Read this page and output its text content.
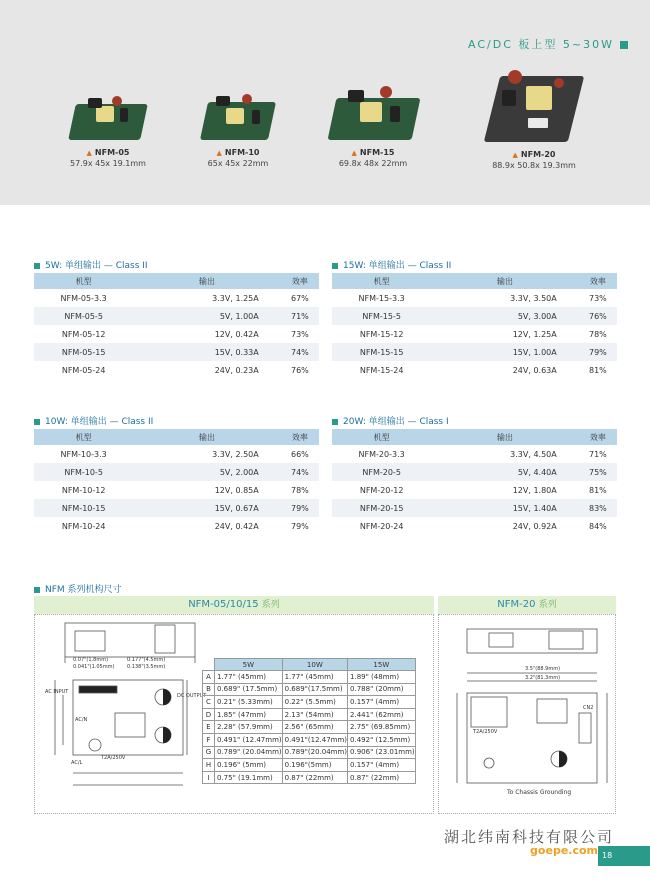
AC/DC 板上型 5~30W
▲ NFM-05
57.9x 45x 19.1mm
▲ NFM-10
65x 45x 22mm
▲ NFM-15
69.8x 48x 22mm
▲ NFM-20
88.9x 50.8x 19.3mm
5W: 单组输出 — Class II
机型	输出	效率
NFM-05-3.3	3.3V, 1.25A	67%
NFM-05-5	5V, 1.00A	71%
NFM-05-12	12V, 0.42A	73%
NFM-05-15	15V, 0.33A	74%
NFM-05-24	24V, 0.23A	76%
15W: 单组输出 — Class II
机型	输出	效率
NFM-15-3.3	3.3V, 3.50A	73%
NFM-15-5	5V, 3.00A	76%
NFM-15-12	12V, 1.25A	78%
NFM-15-15	15V, 1.00A	79%
NFM-15-24	24V, 0.63A	81%
10W: 单组输出 — Class II
机型	输出	效率
NFM-10-3.3	3.3V, 2.50A	66%
NFM-10-5	5V, 2.00A	74%
NFM-10-12	12V, 0.85A	78%
NFM-10-15	15V, 0.67A	79%
NFM-10-24	24V, 0.42A	79%
20W: 单组输出 — Class I
机型	输出	效率
NFM-20-3.3	3.3V, 4.50A	71%
NFM-20-5	5V, 4.40A	75%
NFM-20-12	12V, 1.80A	81%
NFM-20-15	15V, 1.40A	83%
NFM-20-24	24V, 0.92A	84%
NFM 系列机构尺寸
NFM-05/10/15 系列	NFM-20 系列
0.07"(1.8mm)
0.041"(1.05mm)
0.177"(4.5mm)
0.138"(3.5mm)
AC INPUT
DC OUTPUT
AC/N
AC/L
T2A/250V
	5W	10W	15W
A	1.77" (45mm)	1.77" (45mm)	1.89" (48mm)
B	0.689" (17.5mm)	0.689"(17.5mm)	0.788" (20mm)
C	0.21" (5.33mm)	0.22" (5.5mm)	0.157" (4mm)
D	1.85" (47mm)	2.13" (54mm)	2.441" (62mm)
E	2.28" (57.9mm)	2.56" (65mm)	2.75" (69.85mm)
F	0.491" (12.47mm)	0.491"(12.47mm)	0.492" (12.5mm)
G	0.789" (20.04mm)	0.789"(20.04mm)	0.906" (23.01mm)
H	0.196" (5mm)	0.196"(5mm)	0.157" (4mm)
I	0.75" (19.1mm)	0.87" (22mm)	0.87" (22mm)
3.5"(88.9mm)
3.2"(81.3mm)
T2A/250V
CN2
To Chassis Grounding
湖北纬南科技有限公司
goepe.com 18
